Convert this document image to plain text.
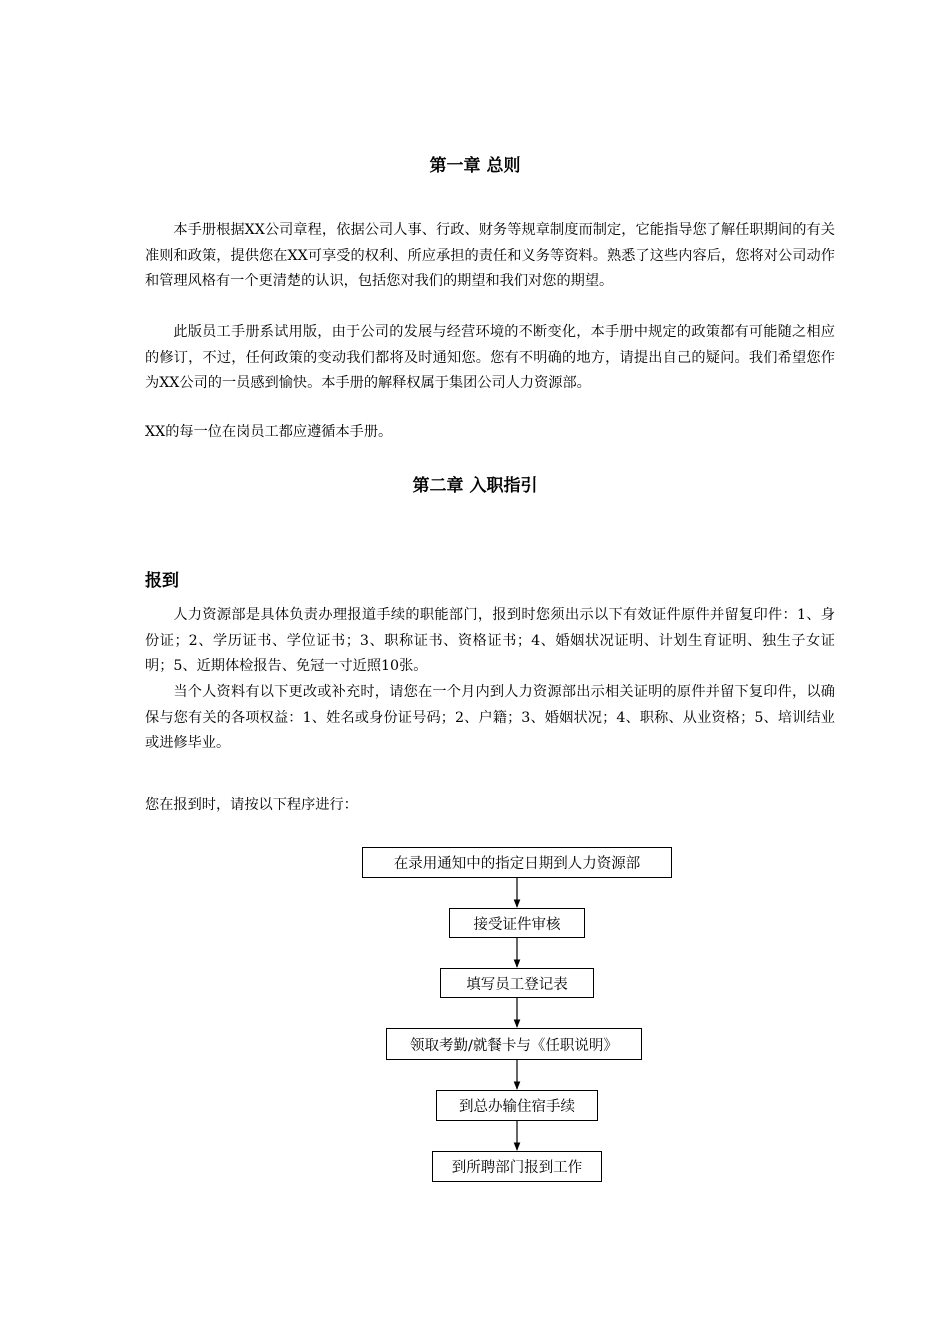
第一章 总则

本手册根据XX公司章程，依据公司人事、行政、财务等规章制度而制定，它能指导您了解任职期间的有关准则和政策，提供您在XX可享受的权利、所应承担的责任和义务等资料。熟悉了这些内容后，您将对公司动作和管理风格有一个更清楚的认识，包括您对我们的期望和我们对您的期望。

此版员工手册系试用版，由于公司的发展与经营环境的不断变化，本手册中规定的政策都有可能随之相应的修订，不过，任何政策的变动我们都将及时通知您。您有不明确的地方，请提出自己的疑问。我们希望您作为XX公司的一员感到愉快。本手册的解释权属于集团公司人力资源部。

XX的每一位在岗员工都应遵循本手册。

第二章 入职指引
报到

人力资源部是具体负责办理报道手续的职能部门，报到时您须出示以下有效证件原件并留复印件：1、身份证；2、学历证书、学位证书；3、职称证书、资格证书；4、婚姻状况证明、计划生育证明、独生子女证明；5、近期体检报告、免冠一寸近照10张。

当个人资料有以下更改或补充时，请您在一个月内到人力资源部出示相关证明的原件并留下复印件，以确保与您有关的各项权益：1、姓名或身份证号码；2、户籍；3、婚姻状况；4、职称、从业资格；5、培训结业或进修毕业。

您在报到时，请按以下程序进行：

在录用通知中的指定日期到人力资源部
接受证件审核
填写员工登记表
领取考勤/就餐卡与《任职说明》
到总办输住宿手续
到所聘部门报到工作
